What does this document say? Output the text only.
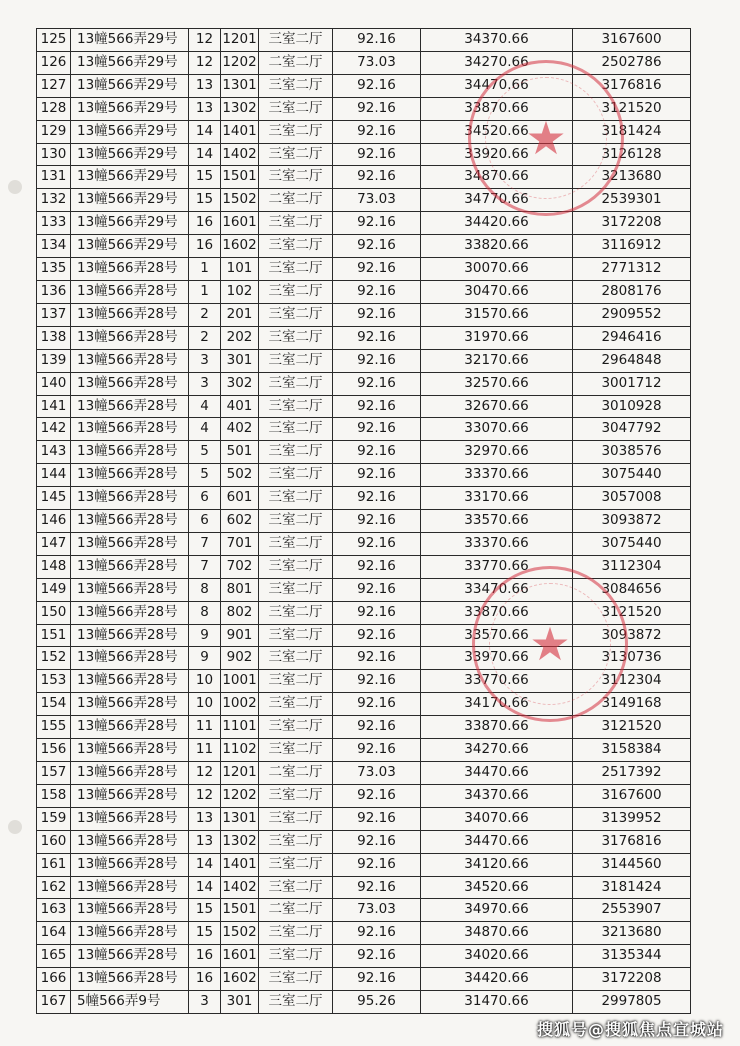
125	13幢566弄29号	12	1201	三室二厅	92.16	34370.66	3167600
126	13幢566弄29号	12	1202	二室二厅	73.03	34270.66	2502786
127	13幢566弄29号	13	1301	三室二厅	92.16	34470.66	3176816
128	13幢566弄29号	13	1302	三室二厅	92.16	33870.66	3121520
129	13幢566弄29号	14	1401	三室二厅	92.16	34520.66	3181424
130	13幢566弄29号	14	1402	三室二厅	92.16	33920.66	3126128
131	13幢566弄29号	15	1501	三室二厅	92.16	34870.66	3213680
132	13幢566弄29号	15	1502	二室二厅	73.03	34770.66	2539301
133	13幢566弄29号	16	1601	三室二厅	92.16	34420.66	3172208
134	13幢566弄29号	16	1602	三室二厅	92.16	33820.66	3116912
135	13幢566弄28号	1	101	三室二厅	92.16	30070.66	2771312
136	13幢566弄28号	1	102	三室二厅	92.16	30470.66	2808176
137	13幢566弄28号	2	201	三室二厅	92.16	31570.66	2909552
138	13幢566弄28号	2	202	三室二厅	92.16	31970.66	2946416
139	13幢566弄28号	3	301	三室二厅	92.16	32170.66	2964848
140	13幢566弄28号	3	302	三室二厅	92.16	32570.66	3001712
141	13幢566弄28号	4	401	三室二厅	92.16	32670.66	3010928
142	13幢566弄28号	4	402	三室二厅	92.16	33070.66	3047792
143	13幢566弄28号	5	501	三室二厅	92.16	32970.66	3038576
144	13幢566弄28号	5	502	三室二厅	92.16	33370.66	3075440
145	13幢566弄28号	6	601	三室二厅	92.16	33170.66	3057008
146	13幢566弄28号	6	602	三室二厅	92.16	33570.66	3093872
147	13幢566弄28号	7	701	三室二厅	92.16	33370.66	3075440
148	13幢566弄28号	7	702	三室二厅	92.16	33770.66	3112304
149	13幢566弄28号	8	801	三室二厅	92.16	33470.66	3084656
150	13幢566弄28号	8	802	三室二厅	92.16	33870.66	3121520
151	13幢566弄28号	9	901	三室二厅	92.16	33570.66	3093872
152	13幢566弄28号	9	902	三室二厅	92.16	33970.66	3130736
153	13幢566弄28号	10	1001	三室二厅	92.16	33770.66	3112304
154	13幢566弄28号	10	1002	三室二厅	92.16	34170.66	3149168
155	13幢566弄28号	11	1101	三室二厅	92.16	33870.66	3121520
156	13幢566弄28号	11	1102	三室二厅	92.16	34270.66	3158384
157	13幢566弄28号	12	1201	二室二厅	73.03	34470.66	2517392
158	13幢566弄28号	12	1202	三室二厅	92.16	34370.66	3167600
159	13幢566弄28号	13	1301	三室二厅	92.16	34070.66	3139952
160	13幢566弄28号	13	1302	三室二厅	92.16	34470.66	3176816
161	13幢566弄28号	14	1401	三室二厅	92.16	34120.66	3144560
162	13幢566弄28号	14	1402	三室二厅	92.16	34520.66	3181424
163	13幢566弄28号	15	1501	二室二厅	73.03	34970.66	2553907
164	13幢566弄28号	15	1502	三室二厅	92.16	34870.66	3213680
165	13幢566弄28号	16	1601	三室二厅	92.16	34020.66	3135344
166	13幢566弄28号	16	1602	三室二厅	92.16	34420.66	3172208
167	5幢566弄9号	3	301	三室二厅	95.26	31470.66	2997805
★
★
搜狐号@搜狐焦点宜城站
